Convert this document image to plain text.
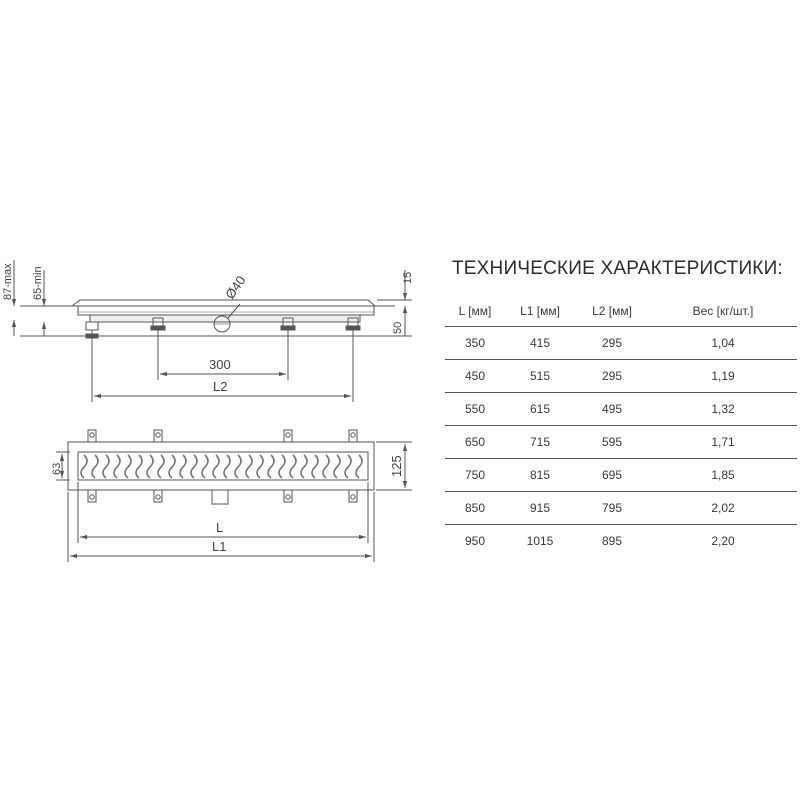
87-max 65-min	Ø40
300
L2
15
50
63	125
L
L1
ТЕХНИЧЕСКИЕ ХАРАКТЕРИСТИКИ:
L [мм]	L1 [мм]	L2 [мм]	Вес [кг/шт.]
350	415	295	1,04
450	515	295	1,19
550	615	495	1,32
650	715	595	1,71
750	815	695	1,85
850	915	795	2,02
950	1015	895	2,20
